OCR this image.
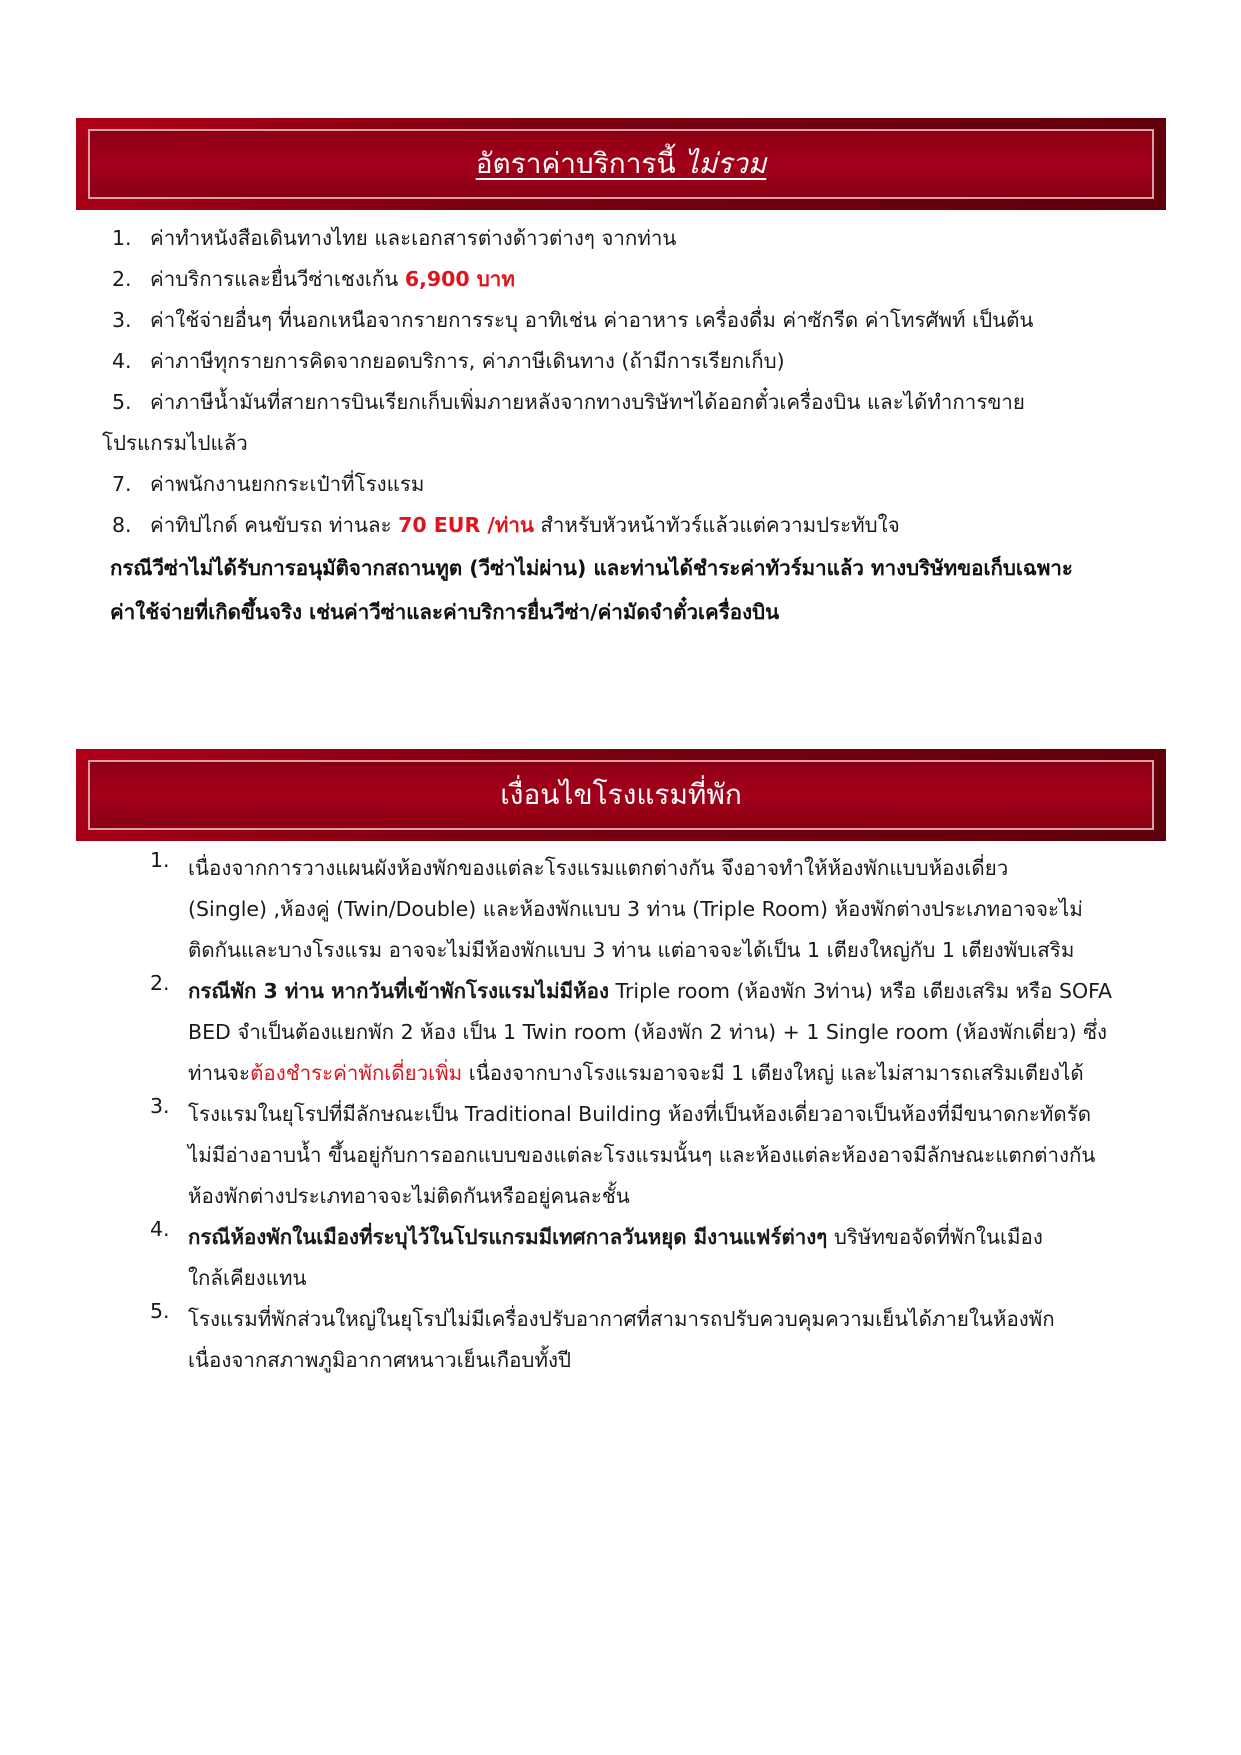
อัตราค่าบริการนี้ ไม่รวม
1. ค่าทำหนังสือเดินทางไทย และเอกสารต่างด้าวต่างๆ จากท่าน
2. ค่าบริการและยื่นวีซ่าเชงเก้น 6,900 บาท
3. ค่าใช้จ่ายอื่นๆ ที่นอกเหนือจากรายการระบุ อาทิเช่น ค่าอาหาร เครื่องดื่ม ค่าซักรีด ค่าโทรศัพท์ เป็นต้น
4. ค่าภาษีทุกรายการคิดจากยอดบริการ, ค่าภาษีเดินทาง (ถ้ามีการเรียกเก็บ)
5. ค่าภาษีน้ำมันที่สายการบินเรียกเก็บเพิ่มภายหลังจากทางบริษัทฯได้ออกตั๋วเครื่องบิน และได้ทำการขาย
โปรแกรมไปแล้ว
7. ค่าพนักงานยกกระเป๋าที่โรงแรม
8. ค่าทิปไกด์ คนขับรถ ท่านละ 70 EUR /ท่าน สำหรับหัวหน้าทัวร์แล้วแต่ความประทับใจ
กรณีวีซ่าไม่ได้รับการอนุมัติจากสถานทูต (วีซ่าไม่ผ่าน) และท่านได้ชำระค่าทัวร์มาแล้ว ทางบริษัทขอเก็บเฉพาะ
ค่าใช้จ่ายที่เกิดขึ้นจริง เช่นค่าวีซ่าและค่าบริการยื่นวีซ่า/ค่ามัดจำตั๋วเครื่องบิน
เงื่อนไขโรงแรมที่พัก
1. เนื่องจากการวางแผนผังห้องพักของแต่ละโรงแรมแตกต่างกัน จึงอาจทำให้ห้องพักแบบห้องเดี่ยว
(Single) ,ห้องคู่ (Twin/Double) และห้องพักแบบ 3 ท่าน (Triple Room) ห้องพักต่างประเภทอาจจะไม่
ติดกันและบางโรงแรม อาจจะไม่มีห้องพักแบบ 3 ท่าน แต่อาจจะได้เป็น 1 เตียงใหญ่กับ 1 เตียงพับเสริม
2. กรณีพัก 3 ท่าน หากวันที่เข้าพักโรงแรมไม่มีห้อง Triple room (ห้องพัก 3ท่าน) หรือ เตียงเสริม หรือ SOFA
BED จำเป็นต้องแยกพัก 2 ห้อง เป็น 1 Twin room (ห้องพัก 2 ท่าน) + 1 Single room (ห้องพักเดี่ยว) ซึ่ง
ท่านจะต้องชำระค่าพักเดี่ยวเพิ่ม เนื่องจากบางโรงแรมอาจจะมี 1 เตียงใหญ่ และไม่สามารถเสริมเตียงได้
3. โรงแรมในยุโรปที่มีลักษณะเป็น Traditional Building ห้องที่เป็นห้องเดี่ยวอาจเป็นห้องที่มีขนาดกะทัดรัด
ไม่มีอ่างอาบน้ำ ขึ้นอยู่กับการออกแบบของแต่ละโรงแรมนั้นๆ และห้องแต่ละห้องอาจมีลักษณะแตกต่างกัน
ห้องพักต่างประเภทอาจจะไม่ติดกันหรืออยู่คนละชั้น
4. กรณีห้องพักในเมืองที่ระบุไว้ในโปรแกรมมีเทศกาลวันหยุด มีงานแฟร์ต่างๆ บริษัทขอจัดที่พักในเมือง
ใกล้เคียงแทน
5. โรงแรมที่พักส่วนใหญ่ในยุโรปไม่มีเครื่องปรับอากาศที่สามารถปรับควบคุมความเย็นได้ภายในห้องพัก
เนื่องจากสภาพภูมิอากาศหนาวเย็นเกือบทั้งปี
